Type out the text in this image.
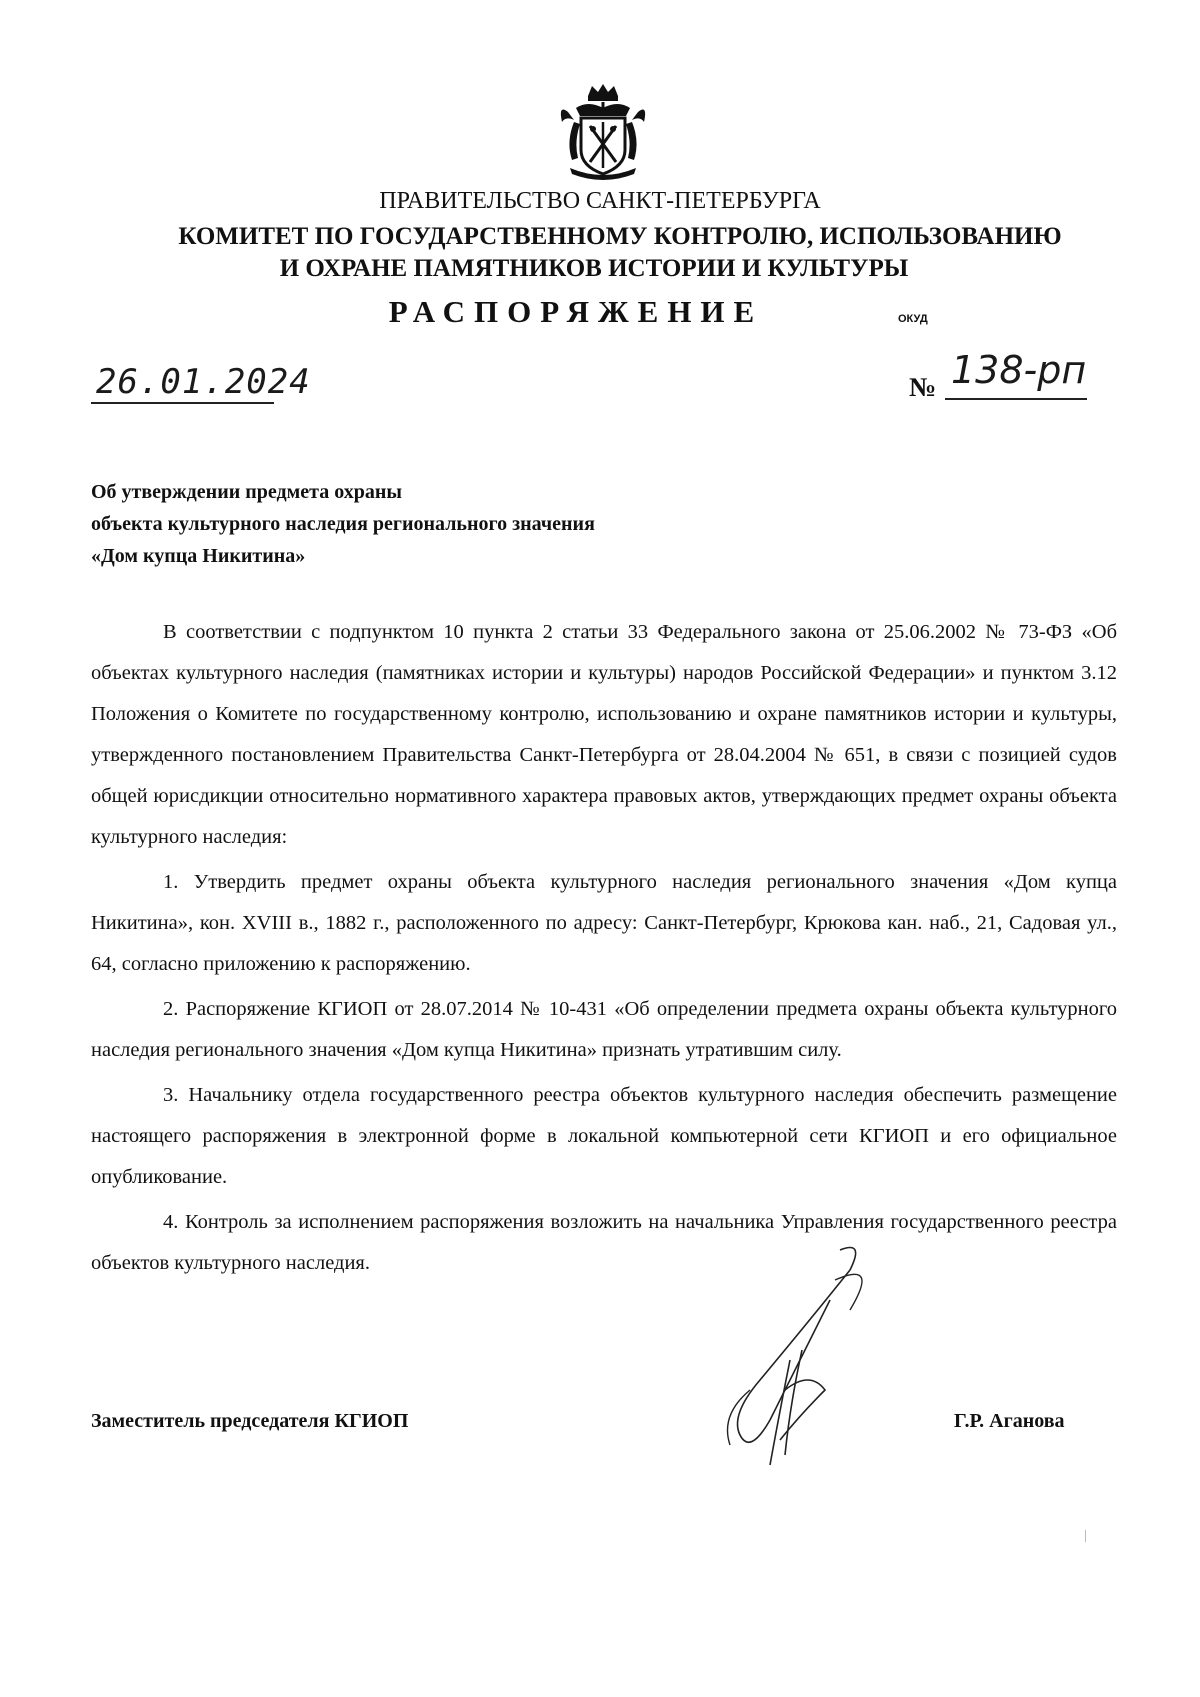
ПРАВИТЕЛЬСТВО САНКТ-ПЕТЕРБУРГА
КОМИТЕТ ПО ГОСУДАРСТВЕННОМУ КОНТРОЛЮ, ИСПОЛЬЗОВАНИЮ
И ОХРАНЕ ПАМЯТНИКОВ ИСТОРИИ И КУЛЬТУРЫ
РАСПОРЯЖЕНИЕ	ОКУД
26.01.2024	№ 138-рп
Об утверждении предмета охраны
объекта культурного наследия регионального значения
«Дом купца Никитина»

В соответствии с подпунктом 10 пункта 2 статьи 33 Федерального закона от 25.06.2002 № 73-ФЗ «Об объектах культурного наследия (памятниках истории и культуры) народов Российской Федерации» и пунктом 3.12 Положения о Комитете по государственному контролю, использованию и охране памятников истории и культуры, утвержденного постановлением Правительства Санкт-Петербурга от 28.04.2004 № 651, в связи с позицией судов общей юрисдикции относительно нормативного характера правовых актов, утверждающих предмет охраны объекта культурного наследия:

1. Утвердить предмет охраны объекта культурного наследия регионального значения «Дом купца Никитина», кон. XVIII в., 1882 г., расположенного по адресу: Санкт-Петербург, Крюкова кан. наб., 21, Садовая ул., 64, согласно приложению к распоряжению.

2. Распоряжение КГИОП от 28.07.2014 № 10-431 «Об определении предмета охраны объекта культурного наследия регионального значения «Дом купца Никитина» признать утратившим силу.

3. Начальнику отдела государственного реестра объектов культурного наследия обеспечить размещение настоящего распоряжения в электронной форме в локальной компьютерной сети КГИОП и его официальное опубликование.

4. Контроль за исполнением распоряжения возложить на начальника Управления государственного реестра объектов культурного наследия.

Заместитель председателя КГИОП	Г.Р. Аганова
